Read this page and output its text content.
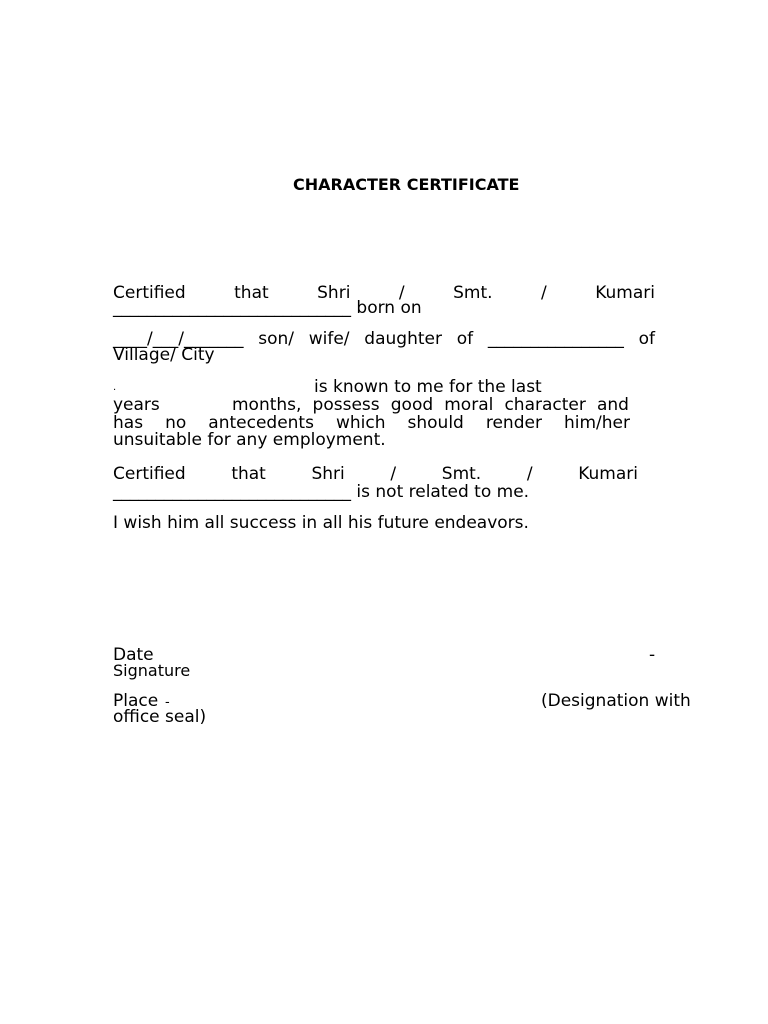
CHARACTER CERTIFICATE
Certified	that	Shri	/	Smt.	/	Kumari
____________________________ born on
____/___/_______ son/ wife/ daughter of ________________ of
Village/ City
.	is known to me for the last
years	months, possess good moral character and
has no antecedents which should render him/her
unsuitable for any employment.
Certified	that	Shri	/	Smt.	/	Kumari
____________________________ is not related to me.
I wish him all success in all his future endeavors.
Date	-
Signature
Place -	(Designation with
office seal)
